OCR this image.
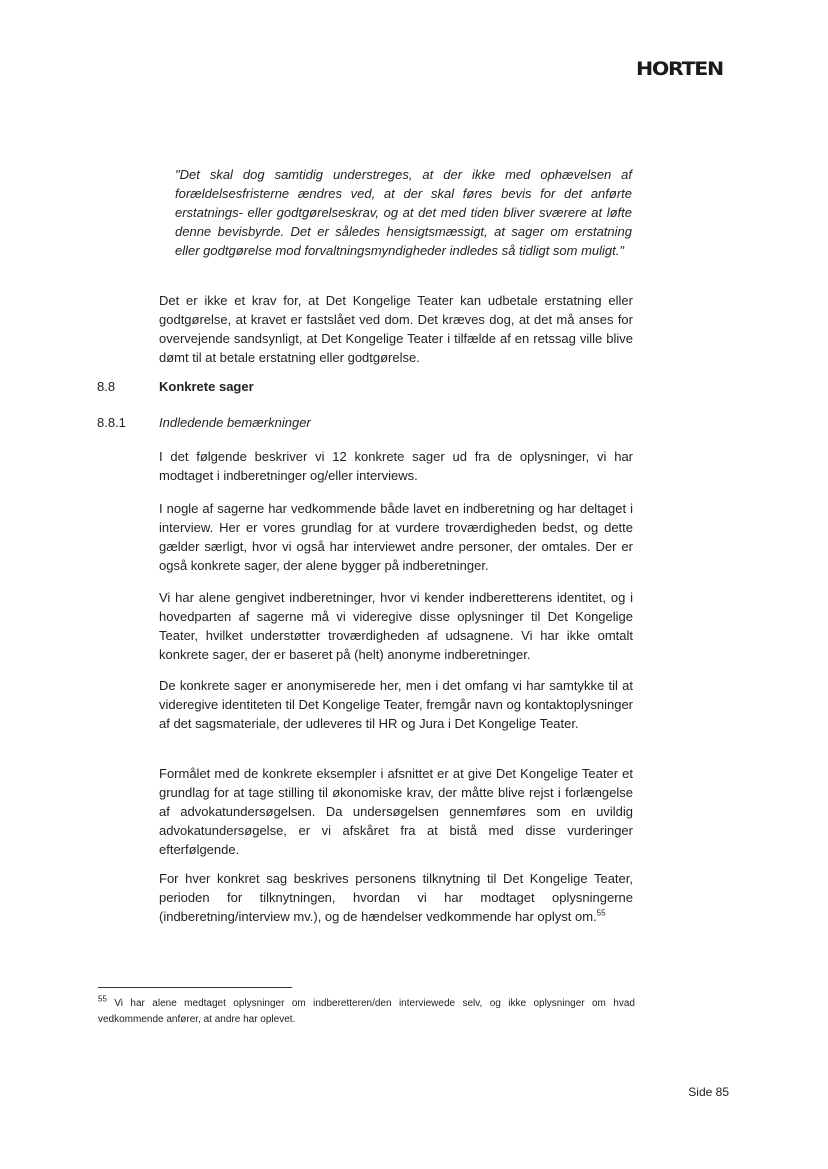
HORTEN
"Det skal dog samtidig understreges, at der ikke med ophævelsen af forældelsesfristerne ændres ved, at der skal føres bevis for det anførte erstatnings- eller godtgørelseskrav, og at det med tiden bliver sværere at løfte denne bevisbyrde. Det er således hensigtsmæssigt, at sager om erstatning eller godtgørelse mod forvaltningsmyndigheder indledes så tidligt som muligt."
Det er ikke et krav for, at Det Kongelige Teater kan udbetale erstatning eller godtgørelse, at kravet er fastslået ved dom. Det kræves dog, at det må anses for overvejende sandsynligt, at Det Kongelige Teater i tilfælde af en retssag ville blive dømt til at betale erstatning eller godtgørelse.
8.8	Konkrete sager
8.8.1	Indledende bemærkninger
I det følgende beskriver vi 12 konkrete sager ud fra de oplysninger, vi har modtaget i indberetninger og/eller interviews.
I nogle af sagerne har vedkommende både lavet en indberetning og har deltaget i interview. Her er vores grundlag for at vurdere troværdigheden bedst, og dette gælder særligt, hvor vi også har interviewet andre personer, der omtales. Der er også konkrete sager, der alene bygger på indberetninger.
Vi har alene gengivet indberetninger, hvor vi kender indberetterens identitet, og i hovedparten af sagerne må vi videregive disse oplysninger til Det Kongelige Teater, hvilket understøtter troværdigheden af udsagnene. Vi har ikke omtalt konkrete sager, der er baseret på (helt) anonyme indberetninger.
De konkrete sager er anonymiserede her, men i det omfang vi har samtykke til at videregive identiteten til Det Kongelige Teater, fremgår navn og kontaktoplysninger af det sagsmateriale, der udleveres til HR og Jura i Det Kongelige Teater.
Formålet med de konkrete eksempler i afsnittet er at give Det Kongelige Teater et grundlag for at tage stilling til økonomiske krav, der måtte blive rejst i forlængelse af advokatundersøgelsen. Da undersøgelsen gennemføres som en uvildig advokatundersøgelse, er vi afskåret fra at bistå med disse vurderinger efterfølgende.
For hver konkret sag beskrives personens tilknytning til Det Kongelige Teater, perioden for tilknytningen, hvordan vi har modtaget oplysningerne (indberetning/interview mv.), og de hændelser vedkommende har oplyst om.$^{55}$
$^{55}$ Vi har alene medtaget oplysninger om indberetteren/den interviewede selv, og ikke oplysninger om hvad vedkommende anfører, at andre har oplevet.
Side 85
